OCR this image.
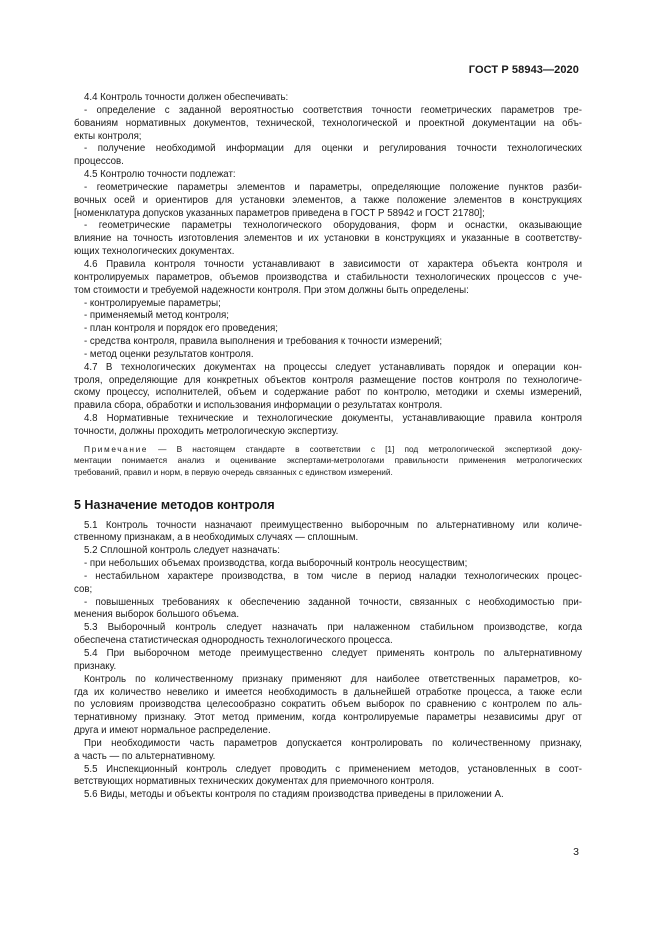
ГОСТ Р 58943—2020
4.4 Контроль точности должен обеспечивать:
- определение с заданной вероятностью соответствия точности геометрических параметров тре-
бованиям нормативных документов, технической, технологической и проектной документации на объ-
екты контроля;
- получение необходимой информации для оценки и регулирования точности технологических
процессов.
4.5 Контролю точности подлежат:
- геометрические параметры элементов и параметры, определяющие положение пунктов разби-
вочных осей и ориентиров для установки элементов, а также положение элементов в конструкциях
[номенклатура допусков указанных параметров приведена в ГОСТ Р 58942 и ГОСТ 21780];
- геометрические параметры технологического оборудования, форм и оснастки, оказывающие
влияние на точность изготовления элементов и их установки в конструкциях и указанные в соответству-
ющих технологических документах.
4.6 Правила контроля точности устанавливают в зависимости от характера объекта контроля и
контролируемых параметров, объемов производства и стабильности технологических процессов с уче-
том стоимости и требуемой надежности контроля. При этом должны быть определены:
- контролируемые параметры;
- применяемый метод контроля;
- план контроля и порядок его проведения;
- средства контроля, правила выполнения и требования к точности измерений;
- метод оценки результатов контроля.
4.7 В технологических документах на процессы следует устанавливать порядок и операции кон-
троля, определяющие для конкретных объектов контроля размещение постов контроля по технологиче-
скому процессу, исполнителей, объем и содержание работ по контролю, методики и схемы измерений,
правила сбора, обработки и использования информации о результатах контроля.
4.8 Нормативные технические и технологические документы, устанавливающие правила контроля
точности, должны проходить метрологическую экспертизу.
Примечание — В настоящем стандарте в соответствии с [1] под метрологической экспертизой доку-
ментации понимается анализ и оценивание экспертами-метрологами правильности применения метрологических
требований, правил и норм, в первую очередь связанных с единством измерений.
5 Назначение методов контроля
5.1 Контроль точности назначают преимущественно выборочным по альтернативному или количе-
ственному признакам, а в необходимых случаях — сплошным.
5.2 Сплошной контроль следует назначать:
- при небольших объемах производства, когда выборочный контроль неосуществим;
- нестабильном характере производства, в том числе в период наладки технологических процес-
сов;
- повышенных требованиях к обеспечению заданной точности, связанных с необходимостью при-
менения выборок большого объема.
5.3 Выборочный контроль следует назначать при налаженном стабильном производстве, когда
обеспечена статистическая однородность технологического процесса.
5.4 При выборочном методе преимущественно следует применять контроль по альтернативному
признаку.
Контроль по количественному признаку применяют для наиболее ответственных параметров, ко-
гда их количество невелико и имеется необходимость в дальнейшей отработке процесса, а также если
по условиям производства целесообразно сократить объем выборок по сравнению с контролем по аль-
тернативному признаку. Этот метод применим, когда контролируемые параметры независимы друг от
друга и имеют нормальное распределение.
При необходимости часть параметров допускается контролировать по количественному признаку,
а часть — по альтернативному.
5.5 Инспекционный контроль следует проводить с применением методов, установленных в соот-
ветствующих нормативных технических документах для приемочного контроля.
5.6 Виды, методы и объекты контроля по стадиям производства приведены в приложении А.
3
